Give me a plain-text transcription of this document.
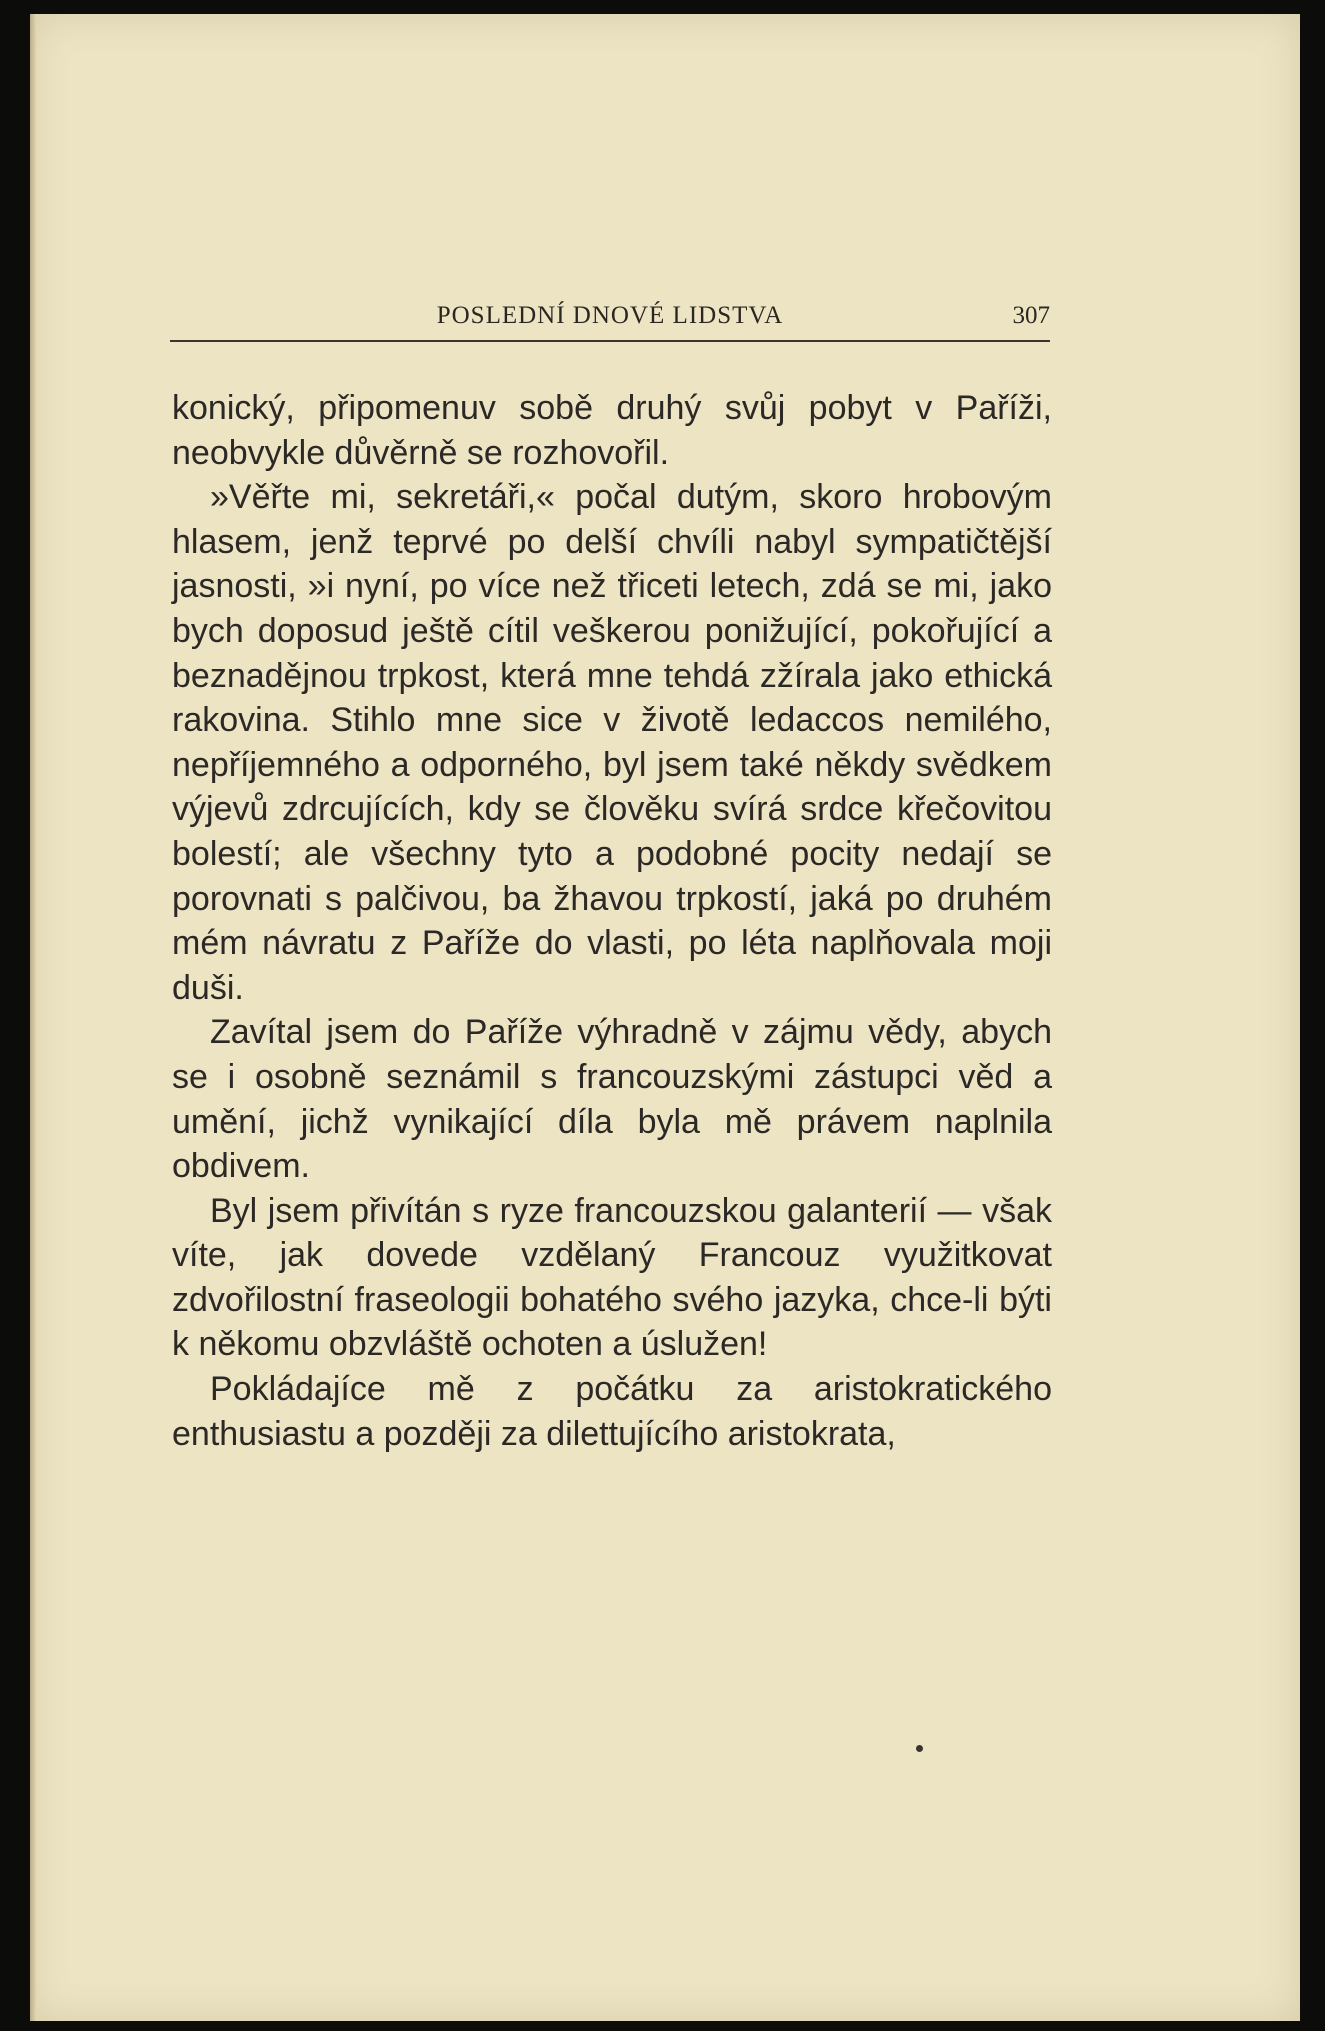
POSLEDNÍ DNOVÉ LIDSTVA	307

konický, připomenuv sobě druhý svůj pobyt v Paříži, neobvykle důvěrně se rozhovořil.

»Věřte mi, sekretáři,« počal dutým, skoro hrobovým hlasem, jenž teprvé po delší chvíli nabyl sympatičtější jasnosti, »i nyní, po více než třiceti letech, zdá se mi, jako bych doposud ještě cítil veškerou ponižující, pokořující a beznadějnou trpkost, která mne tehdá zžírala jako ethická rakovina. Stihlo mne sice v životě ledaccos nemilého, nepříjemného a odporného, byl jsem také někdy svědkem výjevů zdrcujících, kdy se člověku svírá srdce křečovitou bolestí; ale všechny tyto a podobné pocity nedají se porovnati s palčivou, ba žhavou trpkostí, jaká po druhém mém návratu z Paříže do vlasti, po léta naplňovala moji duši.

Zavítal jsem do Paříže výhradně v zájmu vědy, abych se i osobně seznámil s francouzskými zástupci věd a umění, jichž vynikající díla byla mě právem naplnila obdivem.

Byl jsem přivítán s ryze francouzskou galanterií — však víte, jak dovede vzdělaný Francouz využitkovat zdvořilostní fraseologii bohatého svého jazyka, chce-li býti k někomu obzvláště ochoten a úslužen!

Pokládajíce mě z počátku za aristokratického enthusiastu a později za dilettujícího aristokrata,
